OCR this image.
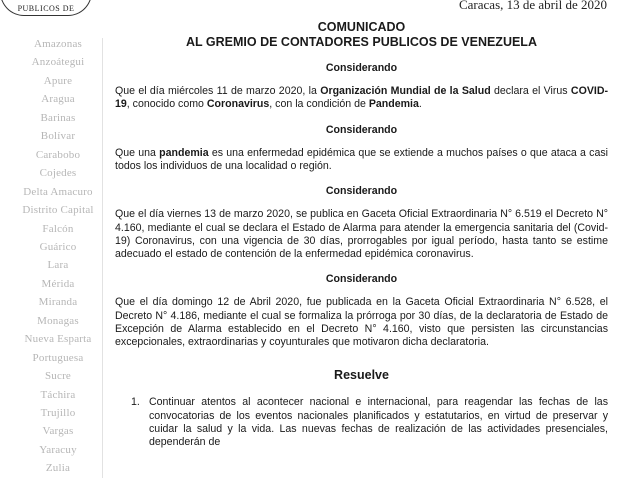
PUBLICOS DE	Caracas, 13 de abril de 2020
Amazonas
Anzoátegui
Apure
Aragua
Barinas
Bolívar
Carabobo
Cojedes
Delta Amacuro
Distrito Capital
Falcón
Guárico
Lara
Mérida
Miranda
Monagas
Nueva Esparta
Portuguesa
Sucre
Táchira
Trujillo
Vargas
Yaracuy
Zulia

COMUNICADO
AL GREMIO DE CONTADORES PUBLICOS DE VENEZUELA

Considerando

Que el día miércoles 11 de marzo 2020, la Organización Mundial de la Salud declara el Virus COVID-19, conocido como Coronavirus, con la condición de Pandemia.

Considerando

Que una pandemia es una enfermedad epidémica que se extiende a muchos países o que ataca a casi todos los individuos de una localidad o región.

Considerando

Que el día viernes 13 de marzo 2020, se publica en Gaceta Oficial Extraordinaria N° 6.519 el Decreto N° 4.160, mediante el cual se declara el Estado de Alarma para atender la emergencia sanitaria del (Covid-19) Coronavirus, con una vigencia de 30 días, prorrogables por igual período, hasta tanto se estime adecuado el estado de contención de la enfermedad epidémica coronavirus.

Considerando

Que el día domingo 12 de Abril 2020, fue publicada en la Gaceta Oficial Extraordinaria N° 6.528, el Decreto N° 4.186, mediante el cual se formaliza la prórroga por 30 días, de la declaratoria de Estado de Excepción de Alarma establecido en el Decreto N° 4.160, visto que persisten las circunstancias excepcionales, extraordinarias y coyunturales que motivaron dicha declaratoria.

Resuelve

1. Continuar atentos al acontecer nacional e internacional, para reagendar las fechas de las convocatorias de los eventos nacionales planificados y estatutarios, en virtud de preservar y cuidar la salud y la vida. Las nuevas fechas de realización de las actividades presenciales, dependerán de
